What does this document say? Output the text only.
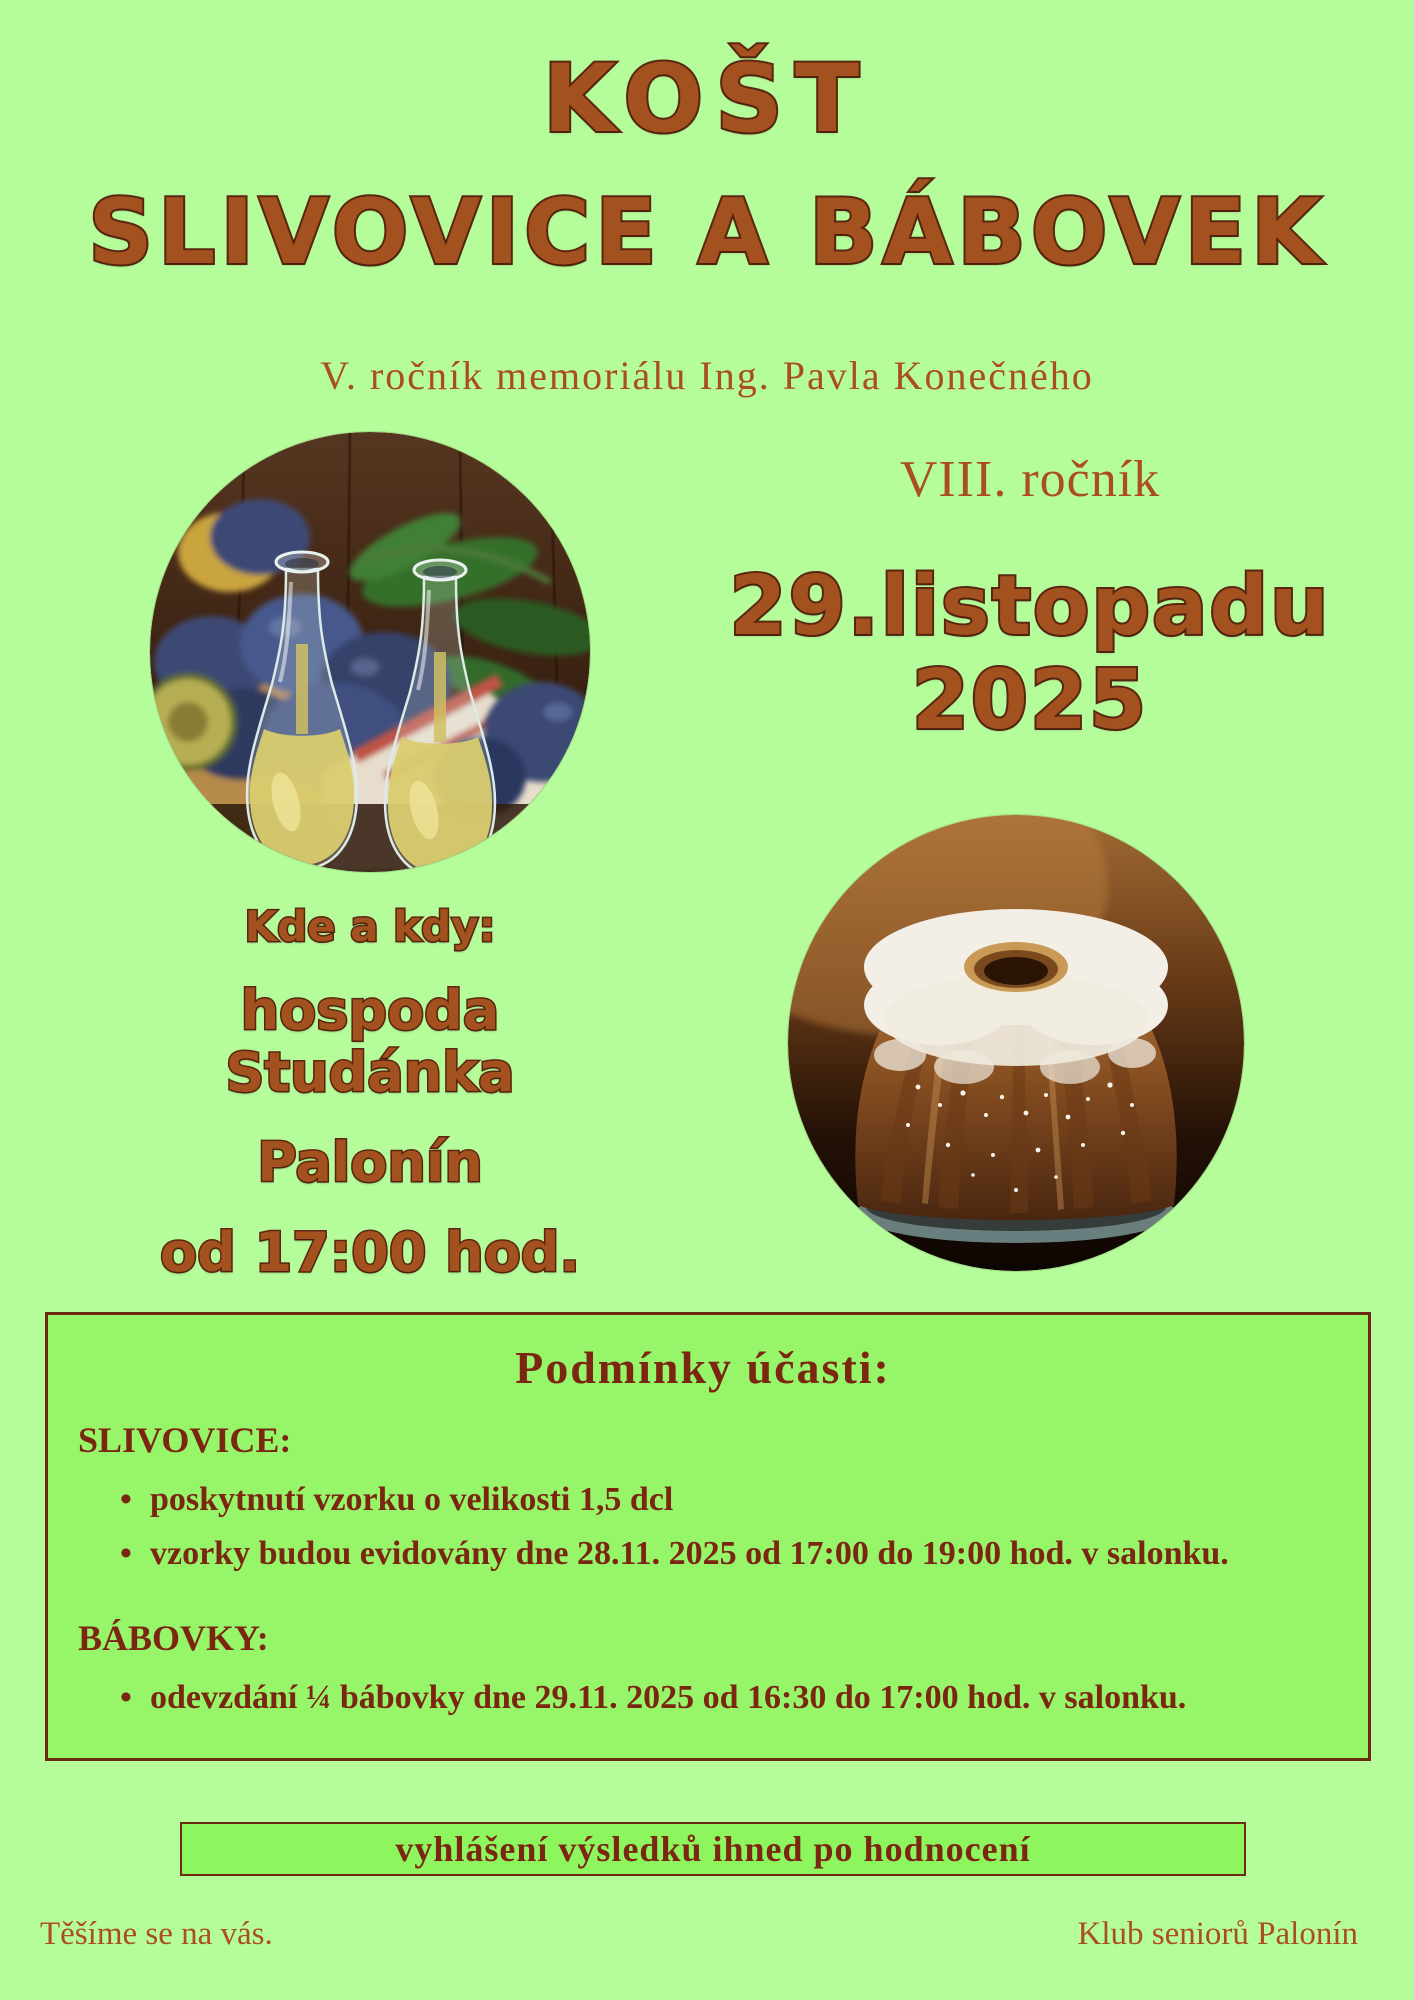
KOŠT
SLIVOVICE A BÁBOVEK
V. ročník memoriálu Ing. Pavla Konečného
VIII. ročník
29.listopadu
2025
Kde a kdy:
hospoda Studánka
Palonín
od 17:00 hod.
Podmínky účasti:
SLIVOVICE:
• poskytnutí vzorku o velikosti 1,5 dcl
• vzorky budou evidovány dne 28.11. 2025 od 17:00 do 19:00 hod. v salonku.
BÁBOVKY:
• odevzdání ¼ bábovky dne 29.11. 2025 od 16:30 do 17:00 hod. v salonku.
vyhlášení výsledků ihned po hodnocení
Těšíme se na vás.	Klub seniorů Palonín
